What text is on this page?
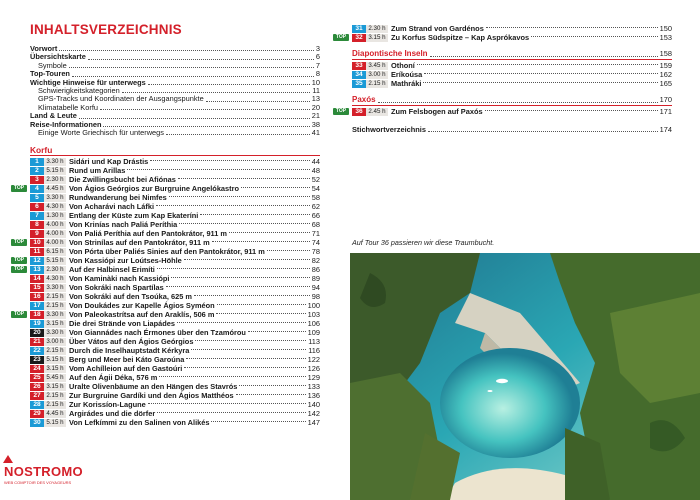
INHALTSVERZEICHNIS
Vorwort	3
Übersichtskarte	6
Symbole	7
Top-Touren	8
Wichtige Hinweise für unterwegs	10
Schwierigkeitskategorien	11
GPS-Tracks und Koordinaten der Ausgangspunkte	13
Klimatabelle Korfu	20
Land & Leute	21
Reise-Informationen	38
Einige Worte Griechisch für unterwegs	41
Korfu
1	3.30 h Sidári und Kap Drástis	44
2	5.15 h Rund um Arillas	48
3	2.30 h Die Zwillingsbucht bei Afiónas	52
TOP	4	4.45 h Von Ágios Geórgios zur Burgruine Angelókastro	54
5	3.30 h Rundwanderung bei Nimfes	58
6	4.30 h Von Acharávi nach Láfki	62
7	1.30 h Entlang der Küste zum Kap Ekateríni	66
8	4.00 h Von Krinías nach Paliá Períthia	68
9	4.00 h Von Paliá Períthia auf den Pantokrátor, 911 m	71
TOP	10 4.00 h Von Strinílas auf den Pantokrátor, 911 m	74
11 6.15 h Von Pórta über Paliés Sinies auf den Pantokrátor, 911 m	78
TOP	12 5.15 h Von Kassiópi zur Loútses-Höhle	82
TOP	13 2.30 h Auf der Halbinsel Erimíti	86
14 4.30 h Von Kaminàki nach Kassiópi	89
15 3.30 h Von Sokráki nach Spartílas	94
16 2.15 h Von Sokráki auf den Tsoúka, 625 m	98
17 2.15 h Von Doukádes zur Kapelle Ágios Syméon	100
TOP	18 3.30 h Von Paleokastrítsa auf den Araklís, 506 m	103
19 3.15 h Die drei Strände von Liapádes	106
20 3.30 h Von Giannádes nach Érmones über den Tzamórou	109
21 3.00 h Über Vátos auf den Ágios Geórgios	113
22 2.15 h Durch die Inselhauptstadt Kérkyra	116
23 5.15 h Berg und Meer bei Káto Garoúna	122
24 3.15 h Vom Achílleion auf den Gastoúri	126
25 5.45 h Auf den Ágii Déka, 576 m	129
26 3.15 h Uralte Olivenbäume an den Hängen des Stavrós	133
27 2.15 h Zur Burgruine Gardíki und den Ágios Matthéos	136
28 2.15 h Zur Korissíon-Lagune	140
29 4.45 h Argirádes und die dörfer	142
30 5.15 h Von Lefkímmi zu den Salinen von Alikés	147
31 2.30 h Zum Strand von Gardénos	150
TOP	32 3.15 h Zu Korfus Südspitze – Kap Asprókavos	153
Diapontische Inseln	158
33 3.45 h Othoní	159
34 3.00 h Eríkoúsa	162
35 2.15 h Mathráki	165
Paxós	170
TOP	36 2.45 h Zum Felsbogen auf Paxós	171
Stichwortverzeichnis	174
Auf Tour 36 passieren wir diese Traumbucht.
NOSTROMO
WEB COMPTOIR DES VOYAGEURS
